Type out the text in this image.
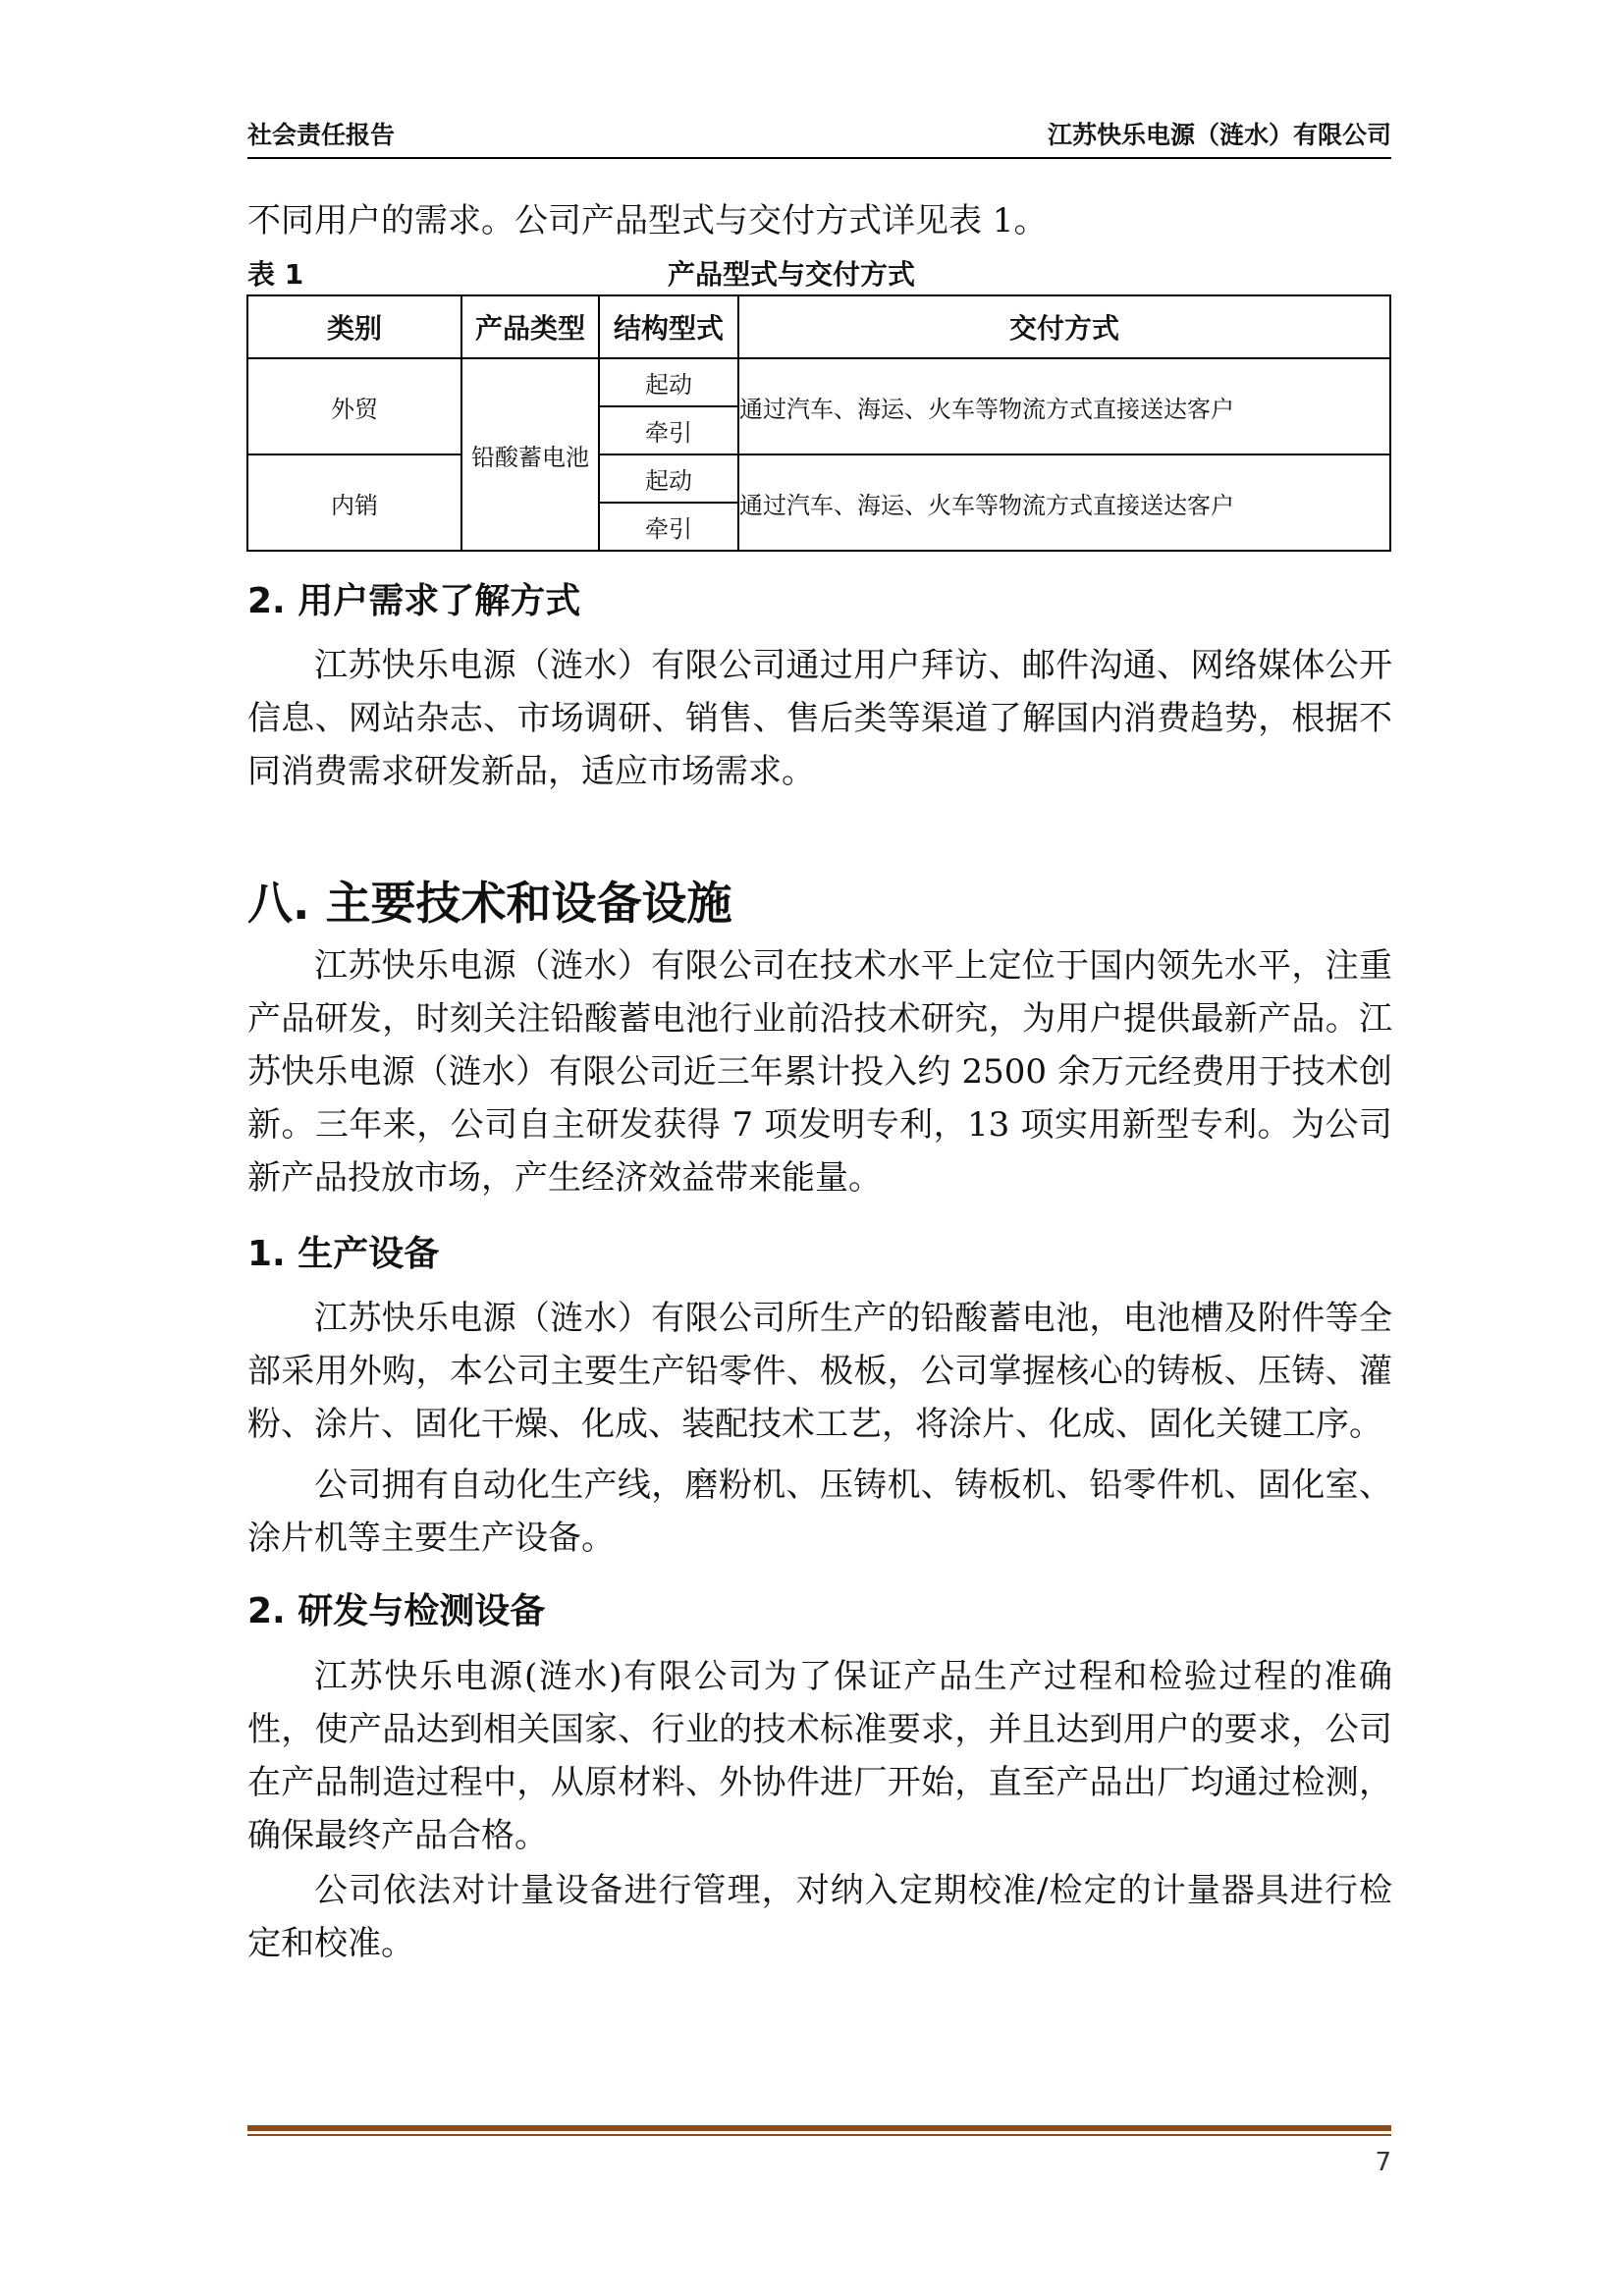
社会责任报告	江苏快乐电源（涟水）有限公司

不同用户的需求。公司产品型式与交付方式详见表 1。

表 1	产品型式与交付方式
类别	产品类型	结构型式	交付方式
外贸	铅酸蓄电池	起动	通过汽车、海运、火车等物流方式直接送达客户
		牵引	
内销		起动	通过汽车、海运、火车等物流方式直接送达客户
		牵引	
2. 用户需求了解方式

江苏快乐电源（涟水）有限公司通过用户拜访、邮件沟通、网络媒体公开信息、网站杂志、市场调研、销售、售后类等渠道了解国内消费趋势，根据不同消费需求研发新品，适应市场需求。

八. 主要技术和设备设施

江苏快乐电源（涟水）有限公司在技术水平上定位于国内领先水平，注重产品研发，时刻关注铅酸蓄电池行业前沿技术研究，为用户提供最新产品。江苏快乐电源（涟水）有限公司近三年累计投入约 2500 余万元经费用于技术创新。三年来，公司自主研发获得 7 项发明专利，13 项实用新型专利。为公司新产品投放市场，产生经济效益带来能量。

1. 生产设备

江苏快乐电源（涟水）有限公司所生产的铅酸蓄电池，电池槽及附件等全部采用外购，本公司主要生产铅零件、极板，公司掌握核心的铸板、压铸、灌粉、涂片、固化干燥、化成、装配技术工艺，将涂片、化成、固化关键工序。

公司拥有自动化生产线，磨粉机、压铸机、铸板机、铅零件机、固化室、涂片机等主要生产设备。

2. 研发与检测设备

江苏快乐电源(涟水)有限公司为了保证产品生产过程和检验过程的准确性，使产品达到相关国家、行业的技术标准要求，并且达到用户的要求，公司在产品制造过程中，从原材料、外协件进厂开始，直至产品出厂均通过检测，确保最终产品合格。

公司依法对计量设备进行管理，对纳入定期校准/检定的计量器具进行检定和校准。

7
